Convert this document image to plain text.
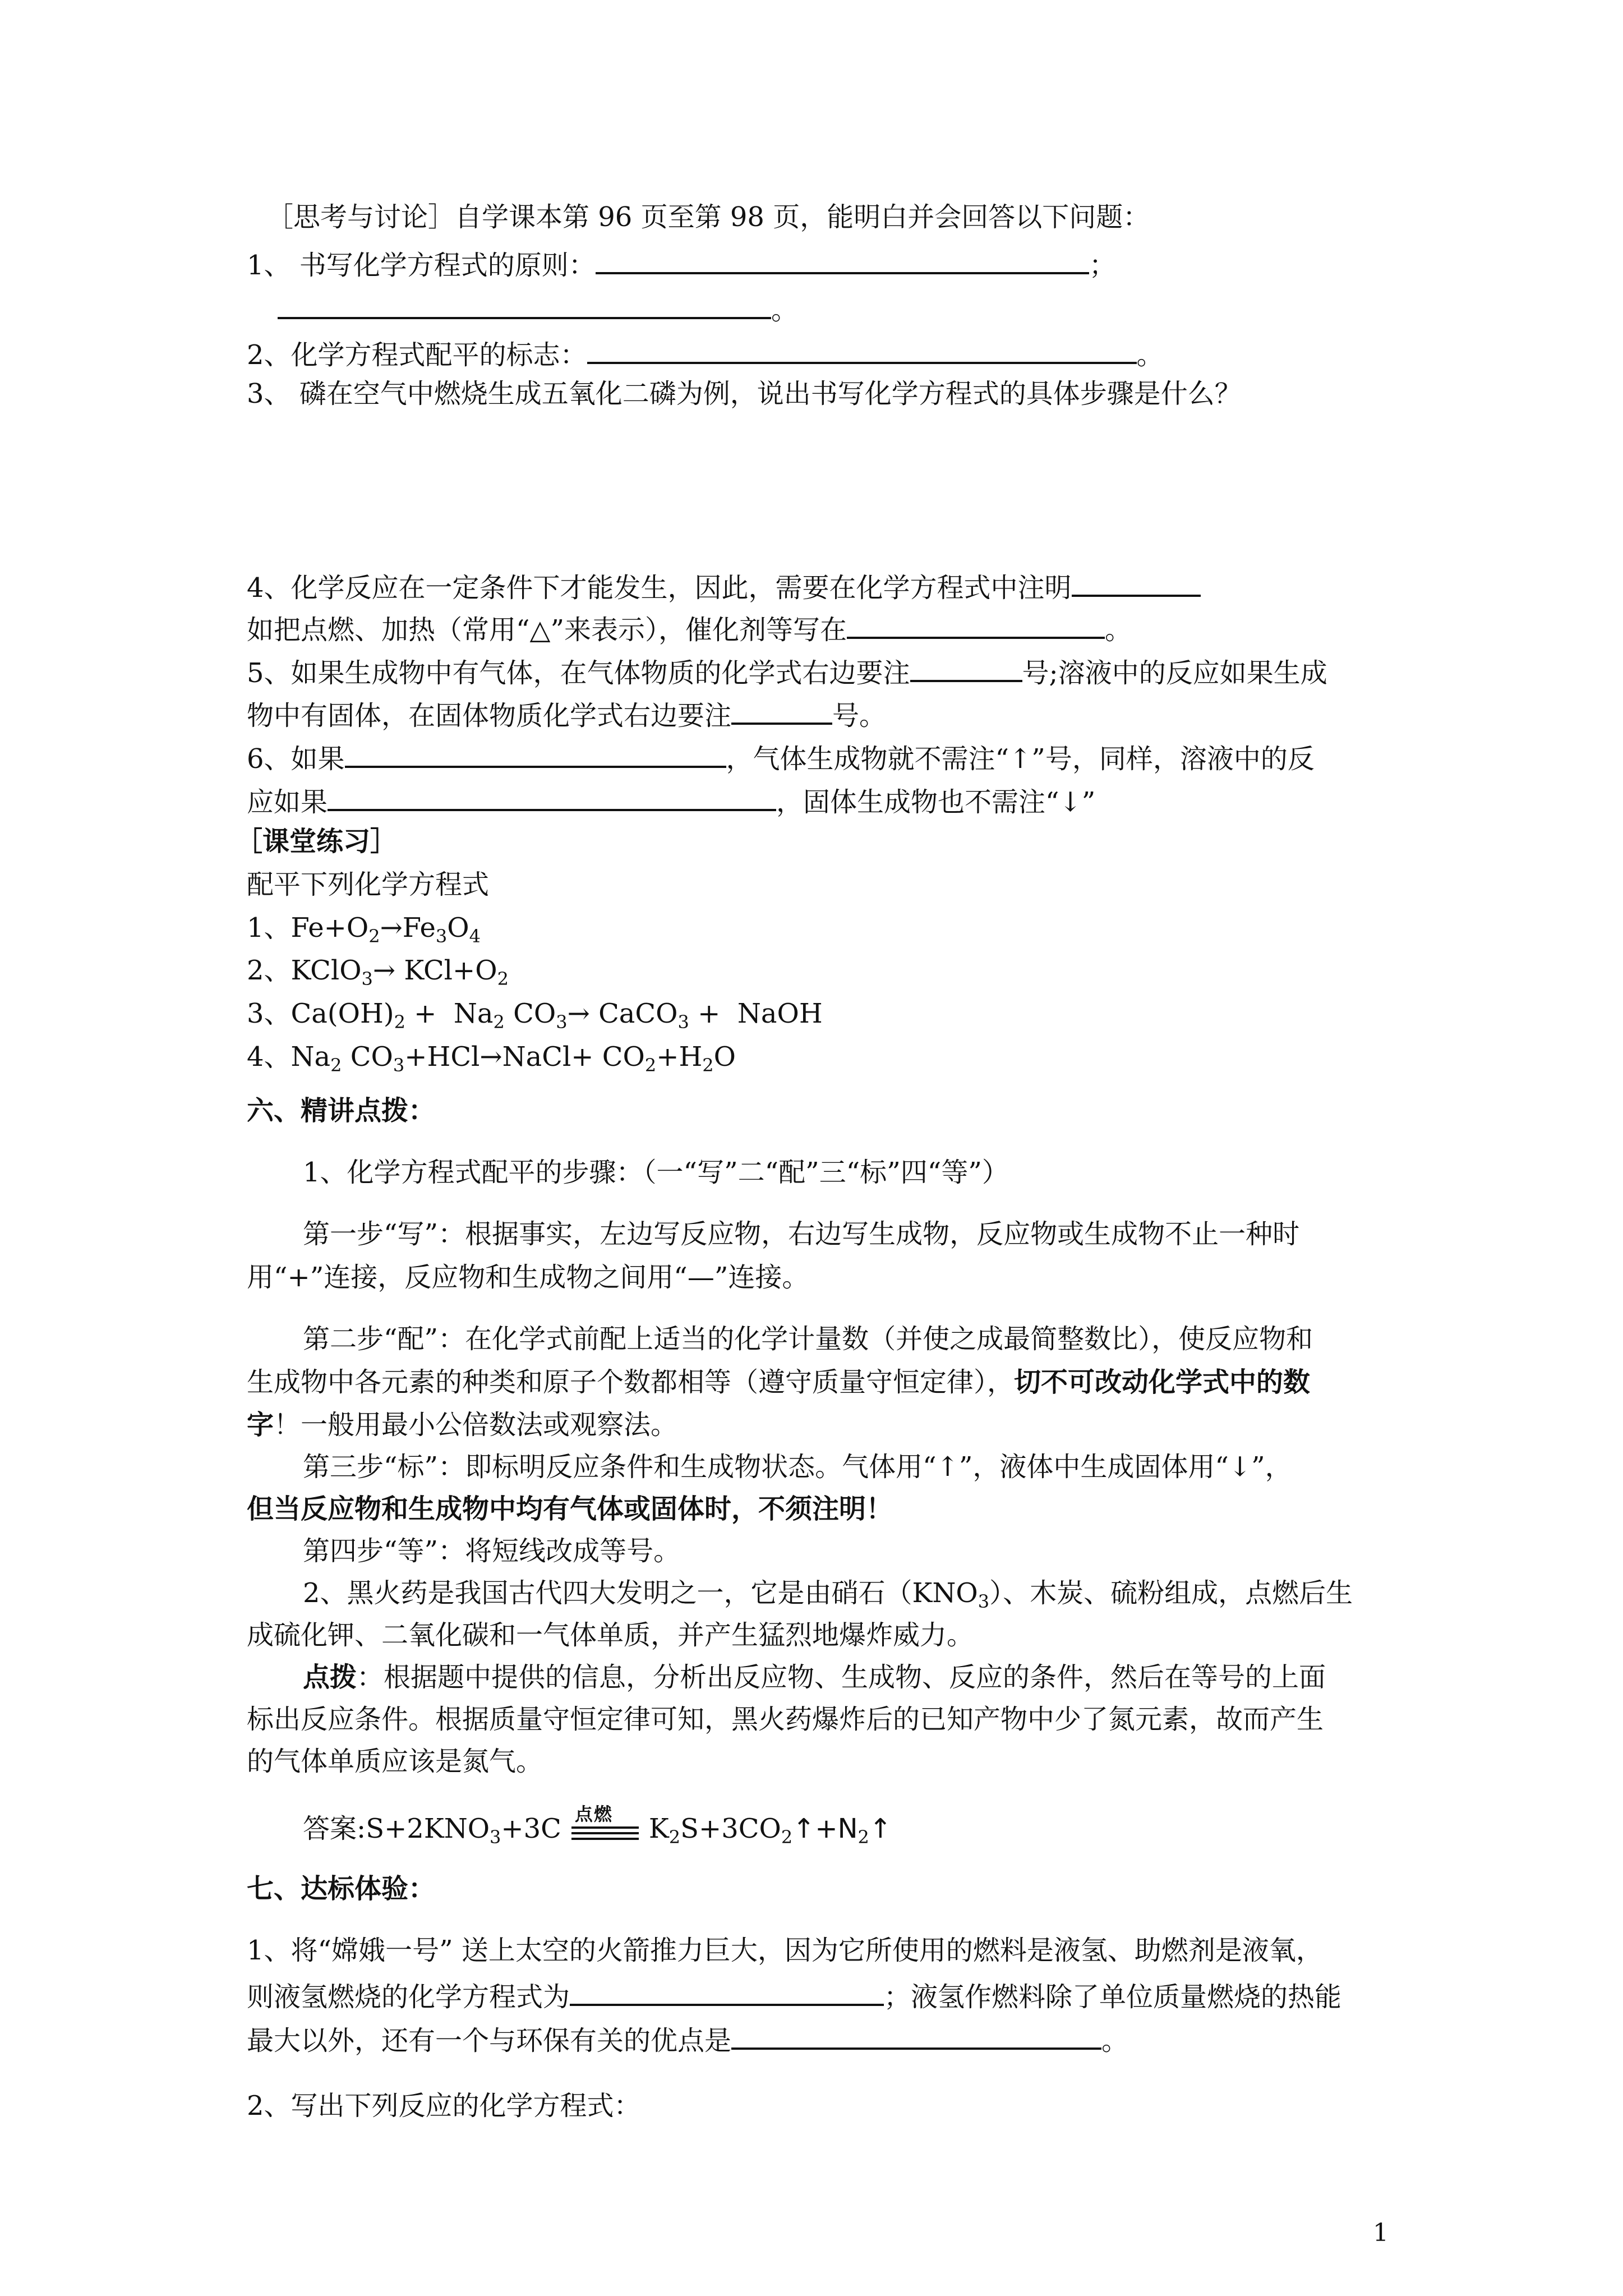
［思考与讨论］自学课本第 96 页至第 98 页，能明白并会回答以下问题：
1、 书写化学方程式的原则：	；
。
2、化学方程式配平的标志：	。
3、 磷在空气中燃烧生成五氧化二磷为例，说出书写化学方程式的具体步骤是什么？
4、化学反应在一定条件下才能发生，因此，需要在化学方程式中注明
如把点燃、加热（常用“△”来表示），催化剂等写在	。
5、如果生成物中有气体，在气体物质的化学式右边要注	号;溶液中的反应如果生成
物中有固体，在固体物质化学式右边要注	号。
6、如果	，气体生成物就不需注“↑”号，同样，溶液中的反
应如果	，固体生成物也不需注“↓”
［课堂练习］
配平下列化学方程式
1、$Fe+O_2\to Fe_3O_4$
2、KClO$_3$→ $KCl+O_2$
3、$Ca(OH)_2 + Na_2$ $CO_3\to$ CaCO$_3$ +  NaOH
4、$Na_2$ $CO_3+HCl\to NaCl+ CO_2+H_2O$
六、精讲点拨：
1、化学方程式配平的步骤：（一“写”二“配”三“标”四“等”）
第一步“写”：根据事实，左边写反应物，右边写生成物，反应物或生成物不止一种时
用“+”连接，反应物和生成物之间用“—”连接。
第二步“配”：在化学式前配上适当的化学计量数（并使之成最简整数比），使反应物和
生成物中各元素的种类和原子个数都相等（遵守质量守恒定律），切不可改动化学式中的数
字！一般用最小公倍数法或观察法。
第三步“标”：即标明反应条件和生成物状态。气体用“↑”，液体中生成固体用“↓”，
但当反应物和生成物中均有气体或固体时，不须注明！
第四步“等”：将短线改成等号。
2、黑火药是我国古代四大发明之一，它是由硝石$(KNO_3)$、木炭、硫粉组成，点燃后生
成硫化钾、二氧化碳和一气体单质，并产生猛烈地爆炸威力。
点拨：根据题中提供的信息，分析出反应物、生成物、反应的条件，然后在等号的上面
标出反应条件。根据质量守恒定律可知，黑火药爆炸后的已知产物中少了氮元素，故而产生
的气体单质应该是氮气。
答案$:S+2KNO_3+3C$ 点燃 $K_2S+3CO_2↑+N_2↑$
七、达标体验：
1、将“嫦娥一号” 送上太空的火箭推力巨大，因为它所使用的燃料是液氢、助燃剂是液氧，
则液氢燃烧的化学方程式为	；液氢作燃料除了单位质量燃烧的热能
最大以外，还有一个与环保有关的优点是	。
2、写出下列反应的化学方程式：
1
